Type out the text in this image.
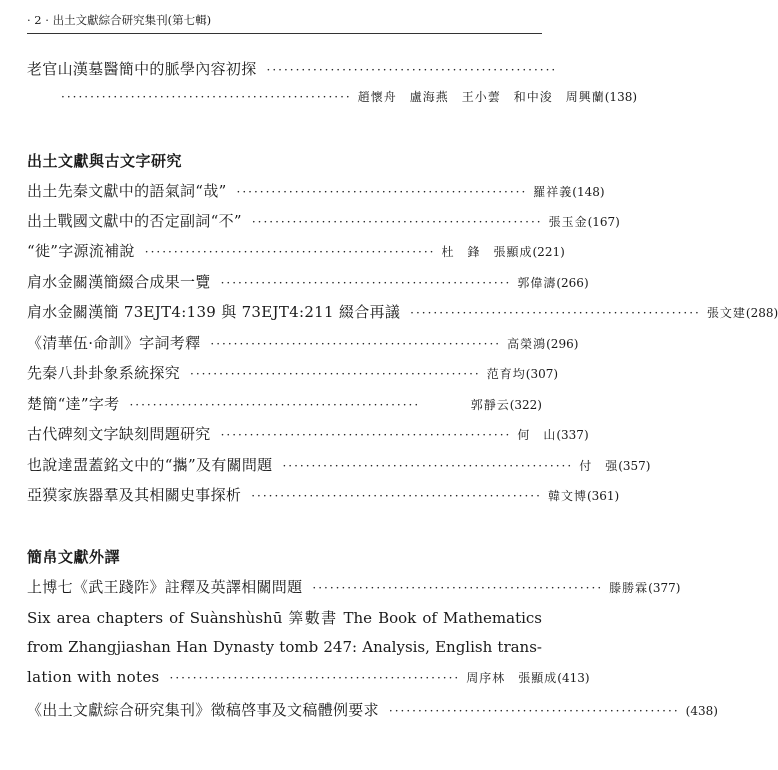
· 2 · 出土文獻綜合研究集刊(第七輯)
老官山漢墓醫簡中的脈學內容初探 ··················································
·················································· 趙懷舟　盧海燕　王小蕓　和中浚　周興蘭 (138)
出土文獻與古文字研究
出土先秦文獻中的語氣詞“哉” ·················································· 羅祥義 (148)
出土戰國文獻中的否定副詞“不” ·················································· 張玉金 (167)
“徙”字源流補說 ·················································· 杜　鋒　張顯成 (221)
肩水金關漢簡綴合成果一覽 ·················································· 郭偉濤 (266)
肩水金關漢簡 73EJT4:139 與 73EJT4:211 綴合再議 ·················································· 張文建 (288)
《清華伍·命訓》字詞考釋 ·················································· 高榮鴻 (296)
先秦八卦卦象系統探究 ·················································· 范育均 (307)
楚簡“逹”字考 ··················································	郭靜云 (322)
古代碑刻文字缺刻問題研究 ·················································· 何　山 (337)
也說達盄蓋銘文中的“攜”及有關問題 ·················································· 付　强 (357)
亞獏家族器羣及其相關史事探析 ·················································· 韓文博 (361)
簡帛文獻外譯
上博七《武王踐阼》註釋及英譯相關問題 ·················································· 滕勝霖 (377)
Six area chapters of Suànshùshū 筭數書 The Book of Mathematics
from Zhangjiashan Han Dynasty tomb 247: Analysis, English trans-
lation with notes ·················································· 周序林　張顯成 (413)
《出土文獻綜合研究集刊》徵稿啓事及文稿體例要求 ·················································· (438)
